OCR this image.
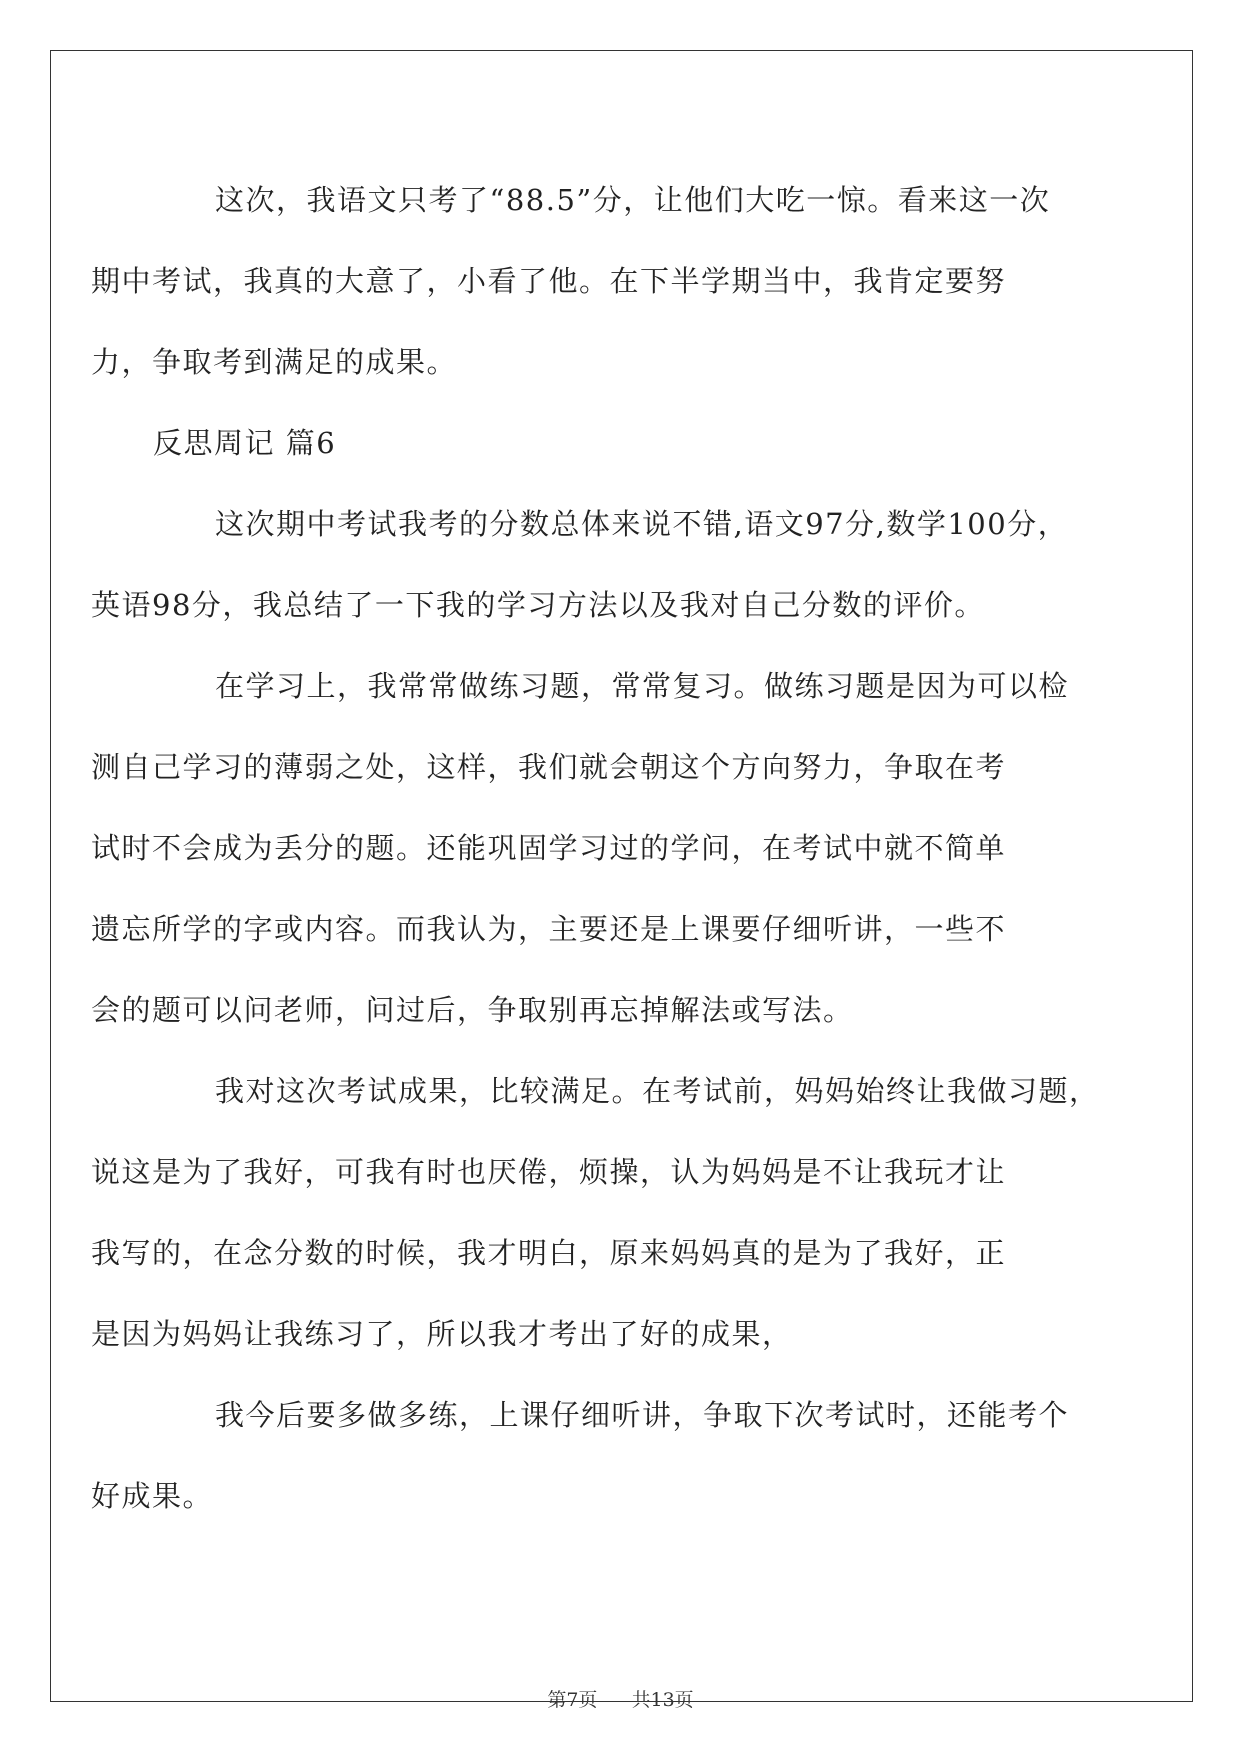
这次，我语文只考了“88.5”分，让他们大吃一惊。看来这一次
期中考试，我真的大意了，小看了他。在下半学期当中，我肯定要努
力，争取考到满足的成果。

反思周记 篇6

这次期中考试我考的分数总体来说不错,语文97分,数学100分，
英语98分，我总结了一下我的学习方法以及我对自己分数的评价。

在学习上，我常常做练习题，常常复习。做练习题是因为可以检
测自己学习的薄弱之处，这样，我们就会朝这个方向努力，争取在考
试时不会成为丢分的题。还能巩固学习过的学问，在考试中就不简单
遗忘所学的字或内容。而我认为，主要还是上课要仔细听讲，一些不
会的题可以问老师，问过后，争取别再忘掉解法或写法。

我对这次考试成果，比较满足。在考试前，妈妈始终让我做习题，
说这是为了我好，可我有时也厌倦，烦操，认为妈妈是不让我玩才让
我写的，在念分数的时候，我才明白，原来妈妈真的是为了我好，正
是因为妈妈让我练习了，所以我才考出了好的成果，

我今后要多做多练，上课仔细听讲，争取下次考试时，还能考个
好成果。

第7页 共13页
